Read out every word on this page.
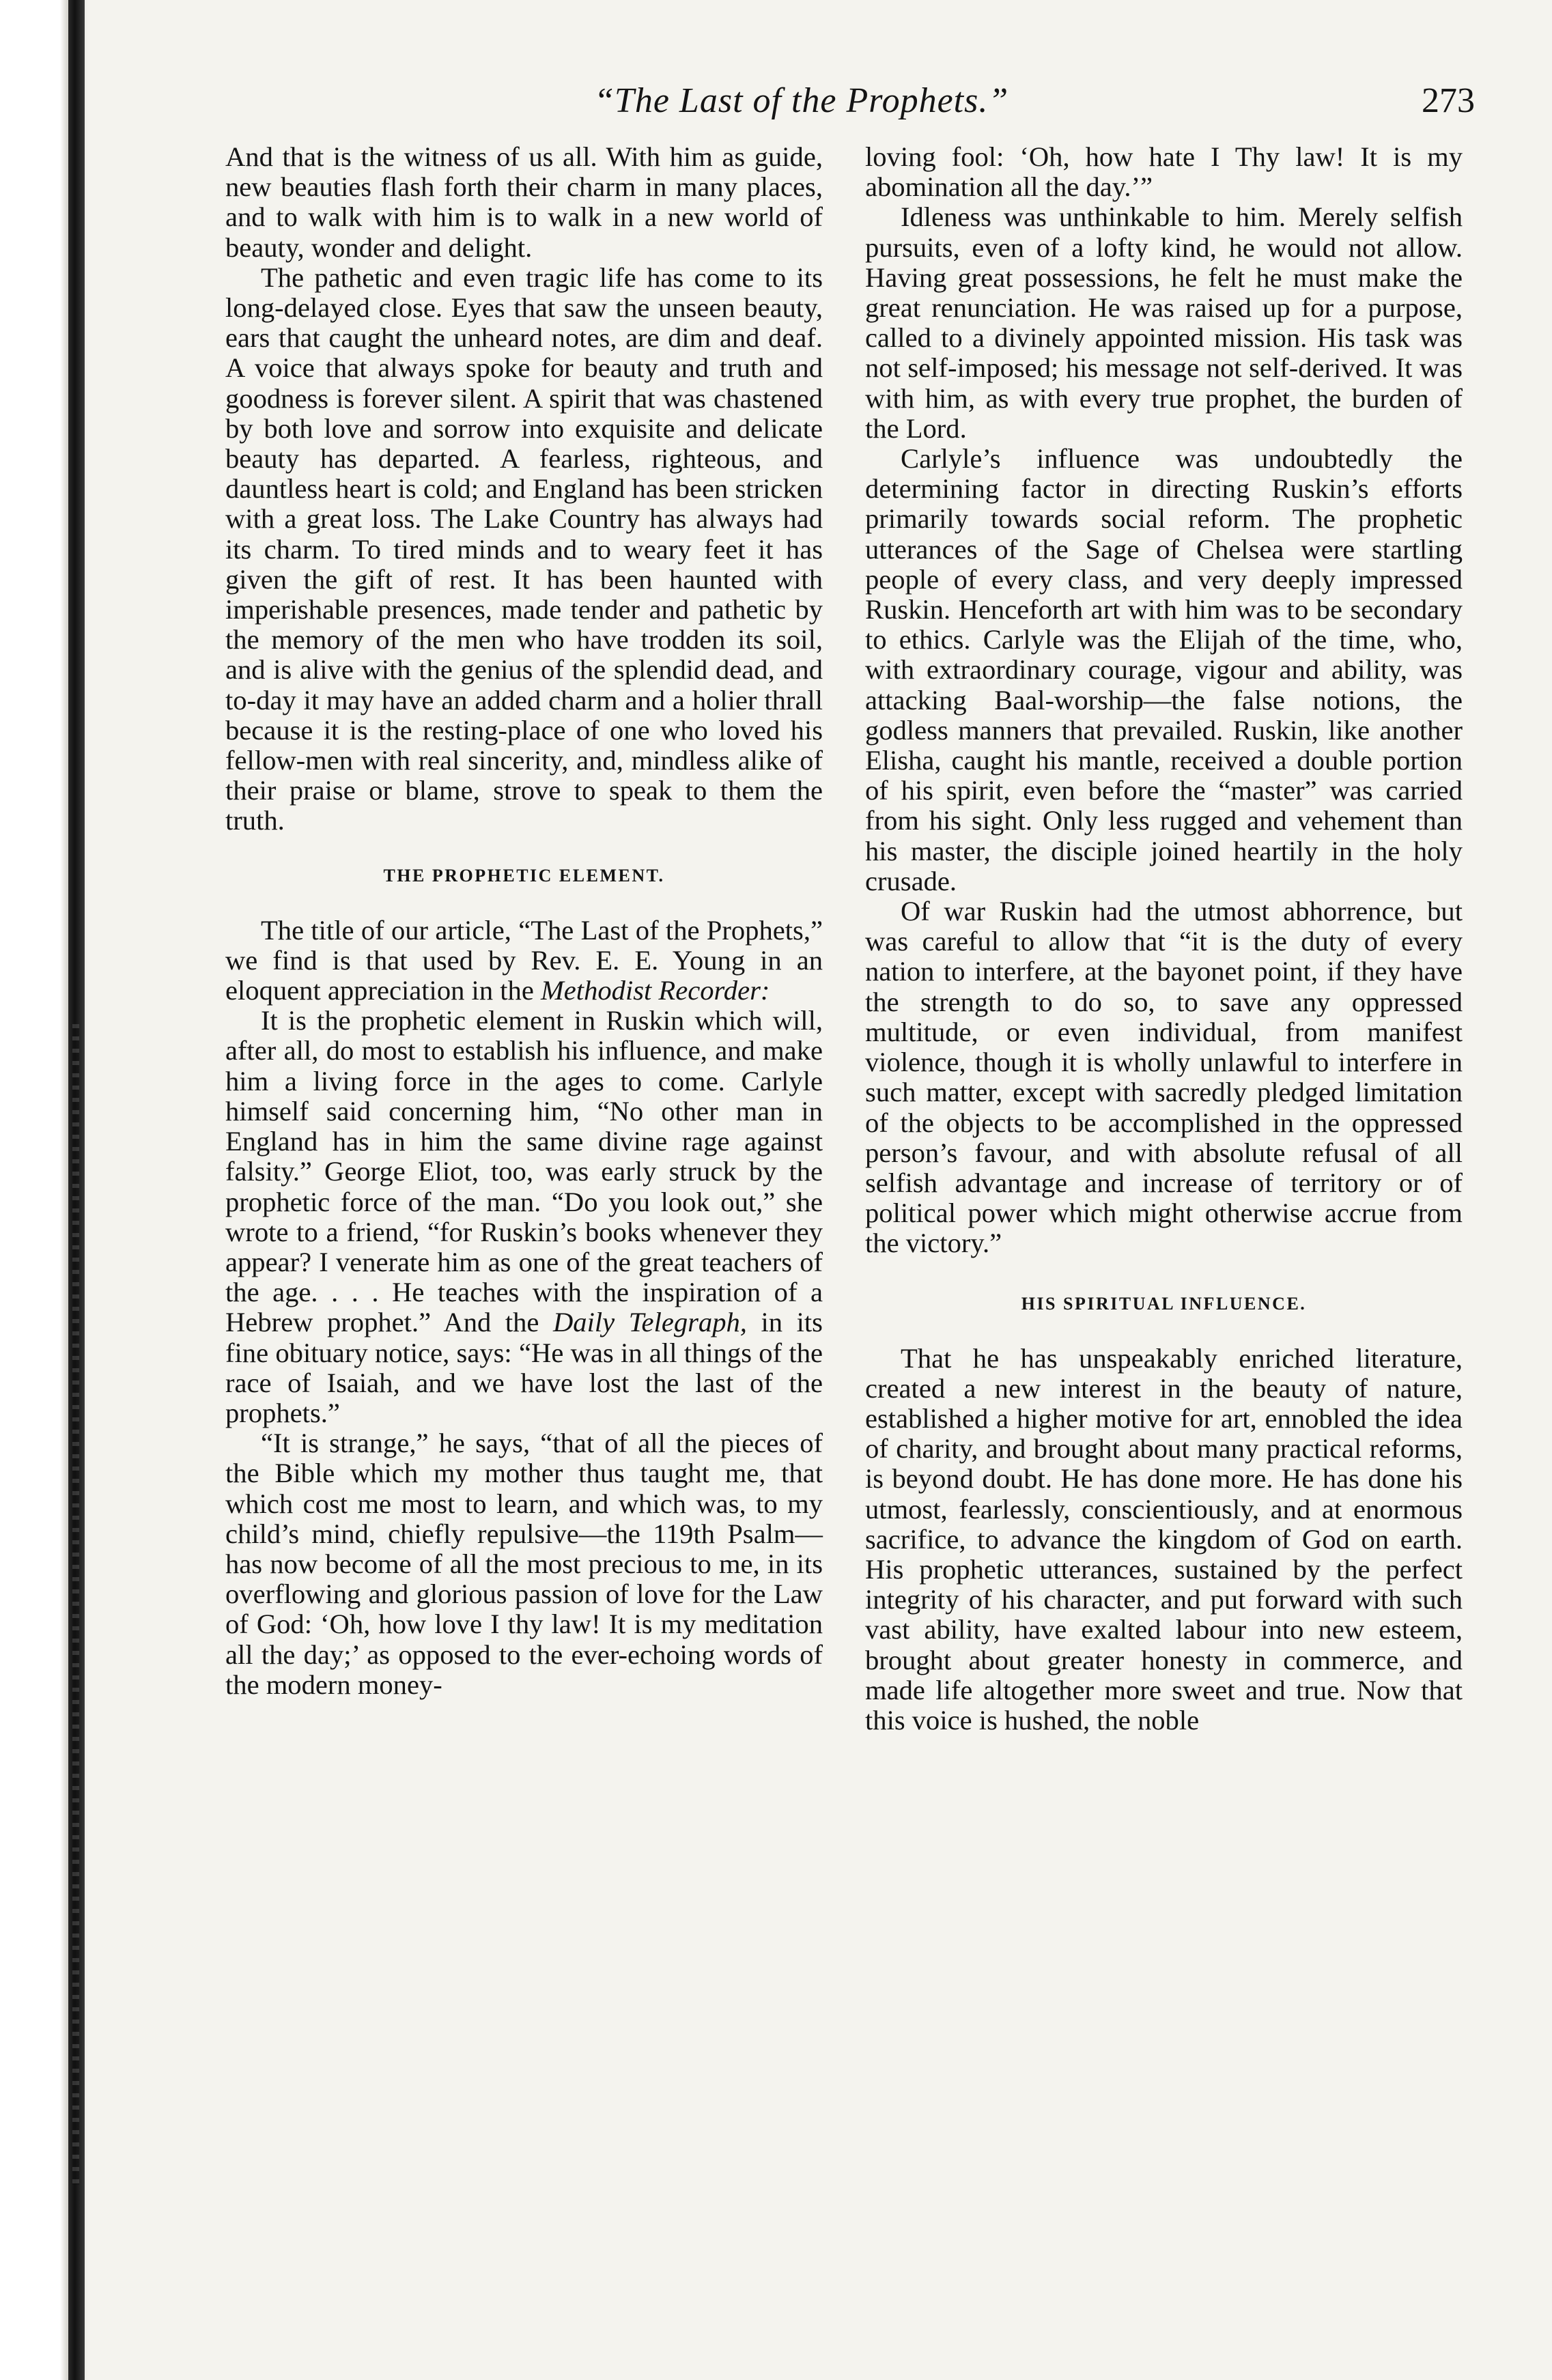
“The Last of the Prophets.”	273

And that is the witness of us all. With him as guide, new beauties flash forth their charm in many places, and to walk with him is to walk in a new world of beauty, wonder and delight.

The pathetic and even tragic life has come to its long-delayed close. Eyes that saw the unseen beauty, ears that caught the unheard notes, are dim and deaf. A voice that always spoke for beauty and truth and goodness is forever silent. A spirit that was chastened by both love and sorrow into exquisite and delicate beauty has departed. A fearless, righteous, and dauntless heart is cold; and England has been stricken with a great loss. The Lake Country has always had its charm. To tired minds and to weary feet it has given the gift of rest. It has been haunted with imperishable presences, made tender and pathetic by the memory of the men who have trodden its soil, and is alive with the genius of the splendid dead, and to-day it may have an added charm and a holier thrall because it is the resting-place of one who loved his fellow-men with real sincerity, and, mindless alike of their praise or blame, strove to speak to them the truth.

THE PROPHETIC ELEMENT.

The title of our article, “The Last of the Prophets,” we find is that used by Rev. E. E. Young in an eloquent appreciation in the Methodist Recorder:

It is the prophetic element in Ruskin which will, after all, do most to establish his influence, and make him a living force in the ages to come. Carlyle himself said concerning him, “No other man in England has in him the same divine rage against falsity.” George Eliot, too, was early struck by the prophetic force of the man. “Do you look out,” she wrote to a friend, “for Ruskin’s books whenever they appear? I venerate him as one of the great teachers of the age. . . . He teaches with the inspiration of a Hebrew prophet.” And the Daily Telegraph, in its fine obituary notice, says: “He was in all things of the race of Isaiah, and we have lost the last of the prophets.”

“It is strange,” he says, “that of all the pieces of the Bible which my mother thus taught me, that which cost me most to learn, and which was, to my child’s mind, chiefly repulsive—the 119th Psalm—has now become of all the most precious to me, in its overflowing and glorious passion of love for the Law of God: ‘Oh, how love I thy law! It is my meditation all the day;’ as opposed to the ever-echoing words of the modern money-

loving fool: ‘Oh, how hate I Thy law! It is my abomination all the day.’”

Idleness was unthinkable to him. Merely selfish pursuits, even of a lofty kind, he would not allow. Having great possessions, he felt he must make the great renunciation. He was raised up for a purpose, called to a divinely appointed mission. His task was not self-imposed; his message not self-derived. It was with him, as with every true prophet, the burden of the Lord.

Carlyle’s influence was undoubtedly the determining factor in directing Ruskin’s efforts primarily towards social reform. The prophetic utterances of the Sage of Chelsea were startling people of every class, and very deeply impressed Ruskin. Henceforth art with him was to be secondary to ethics. Carlyle was the Elijah of the time, who, with extraordinary courage, vigour and ability, was attacking Baal-worship—the false notions, the godless manners that prevailed. Ruskin, like another Elisha, caught his mantle, received a double portion of his spirit, even before the “master” was carried from his sight. Only less rugged and vehement than his master, the disciple joined heartily in the holy crusade.

Of war Ruskin had the utmost abhorrence, but was careful to allow that “it is the duty of every nation to interfere, at the bayonet point, if they have the strength to do so, to save any oppressed multitude, or even individual, from manifest violence, though it is wholly unlawful to interfere in such matter, except with sacredly pledged limitation of the objects to be accomplished in the oppressed person’s favour, and with absolute refusal of all selfish advantage and increase of territory or of political power which might otherwise accrue from the victory.”

HIS SPIRITUAL INFLUENCE.

That he has unspeakably enriched literature, created a new interest in the beauty of nature, established a higher motive for art, ennobled the idea of charity, and brought about many practical reforms, is beyond doubt. He has done more. He has done his utmost, fearlessly, conscientiously, and at enormous sacrifice, to advance the kingdom of God on earth. His prophetic utterances, sustained by the perfect integrity of his character, and put forward with such vast ability, have exalted labour into new esteem, brought about greater honesty in commerce, and made life altogether more sweet and true. Now that this voice is hushed, the noble
